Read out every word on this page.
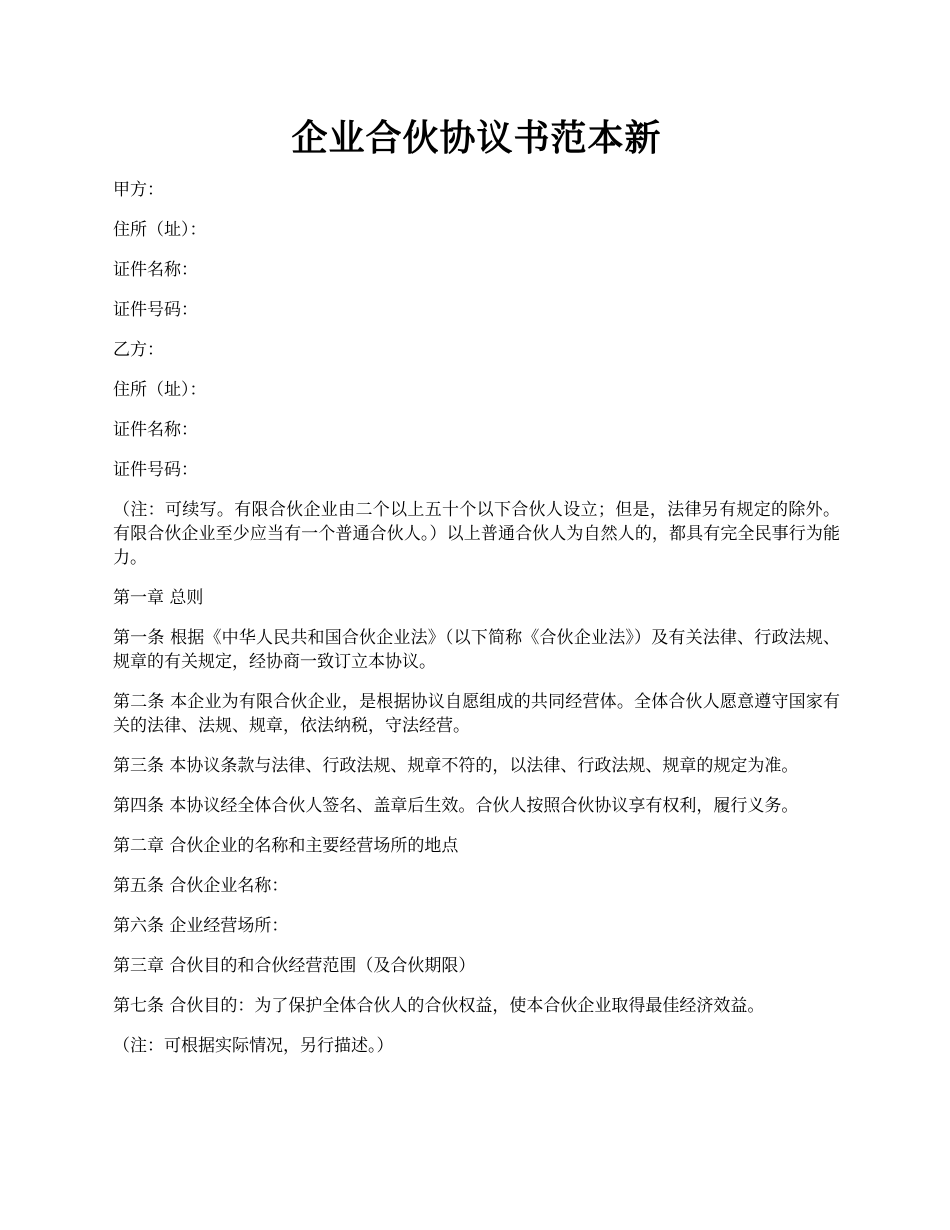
企业合伙协议书范本新

甲方：

住所（址）：

证件名称：

证件号码：

乙方：

住所（址）：

证件名称：

证件号码：

（注：可续写。有限合伙企业由二个以上五十个以下合伙人设立；但是，法律另有规定的除外。有限合伙企业至少应当有一个普通合伙人。）以上普通合伙人为自然人的，都具有完全民事行为能力。

第一章 总则

第一条 根据《中华人民共和国合伙企业法》（以下简称《合伙企业法》）及有关法律、行政法规、规章的有关规定，经协商一致订立本协议。

第二条 本企业为有限合伙企业，是根据协议自愿组成的共同经营体。全体合伙人愿意遵守国家有关的法律、法规、规章，依法纳税，守法经营。

第三条 本协议条款与法律、行政法规、规章不符的，以法律、行政法规、规章的规定为准。

第四条 本协议经全体合伙人签名、盖章后生效。合伙人按照合伙协议享有权利，履行义务。

第二章 合伙企业的名称和主要经营场所的地点

第五条 合伙企业名称：

第六条 企业经营场所：

第三章 合伙目的和合伙经营范围（及合伙期限）

第七条 合伙目的：为了保护全体合伙人的合伙权益，使本合伙企业取得最佳经济效益。

（注：可根据实际情况，另行描述。）
